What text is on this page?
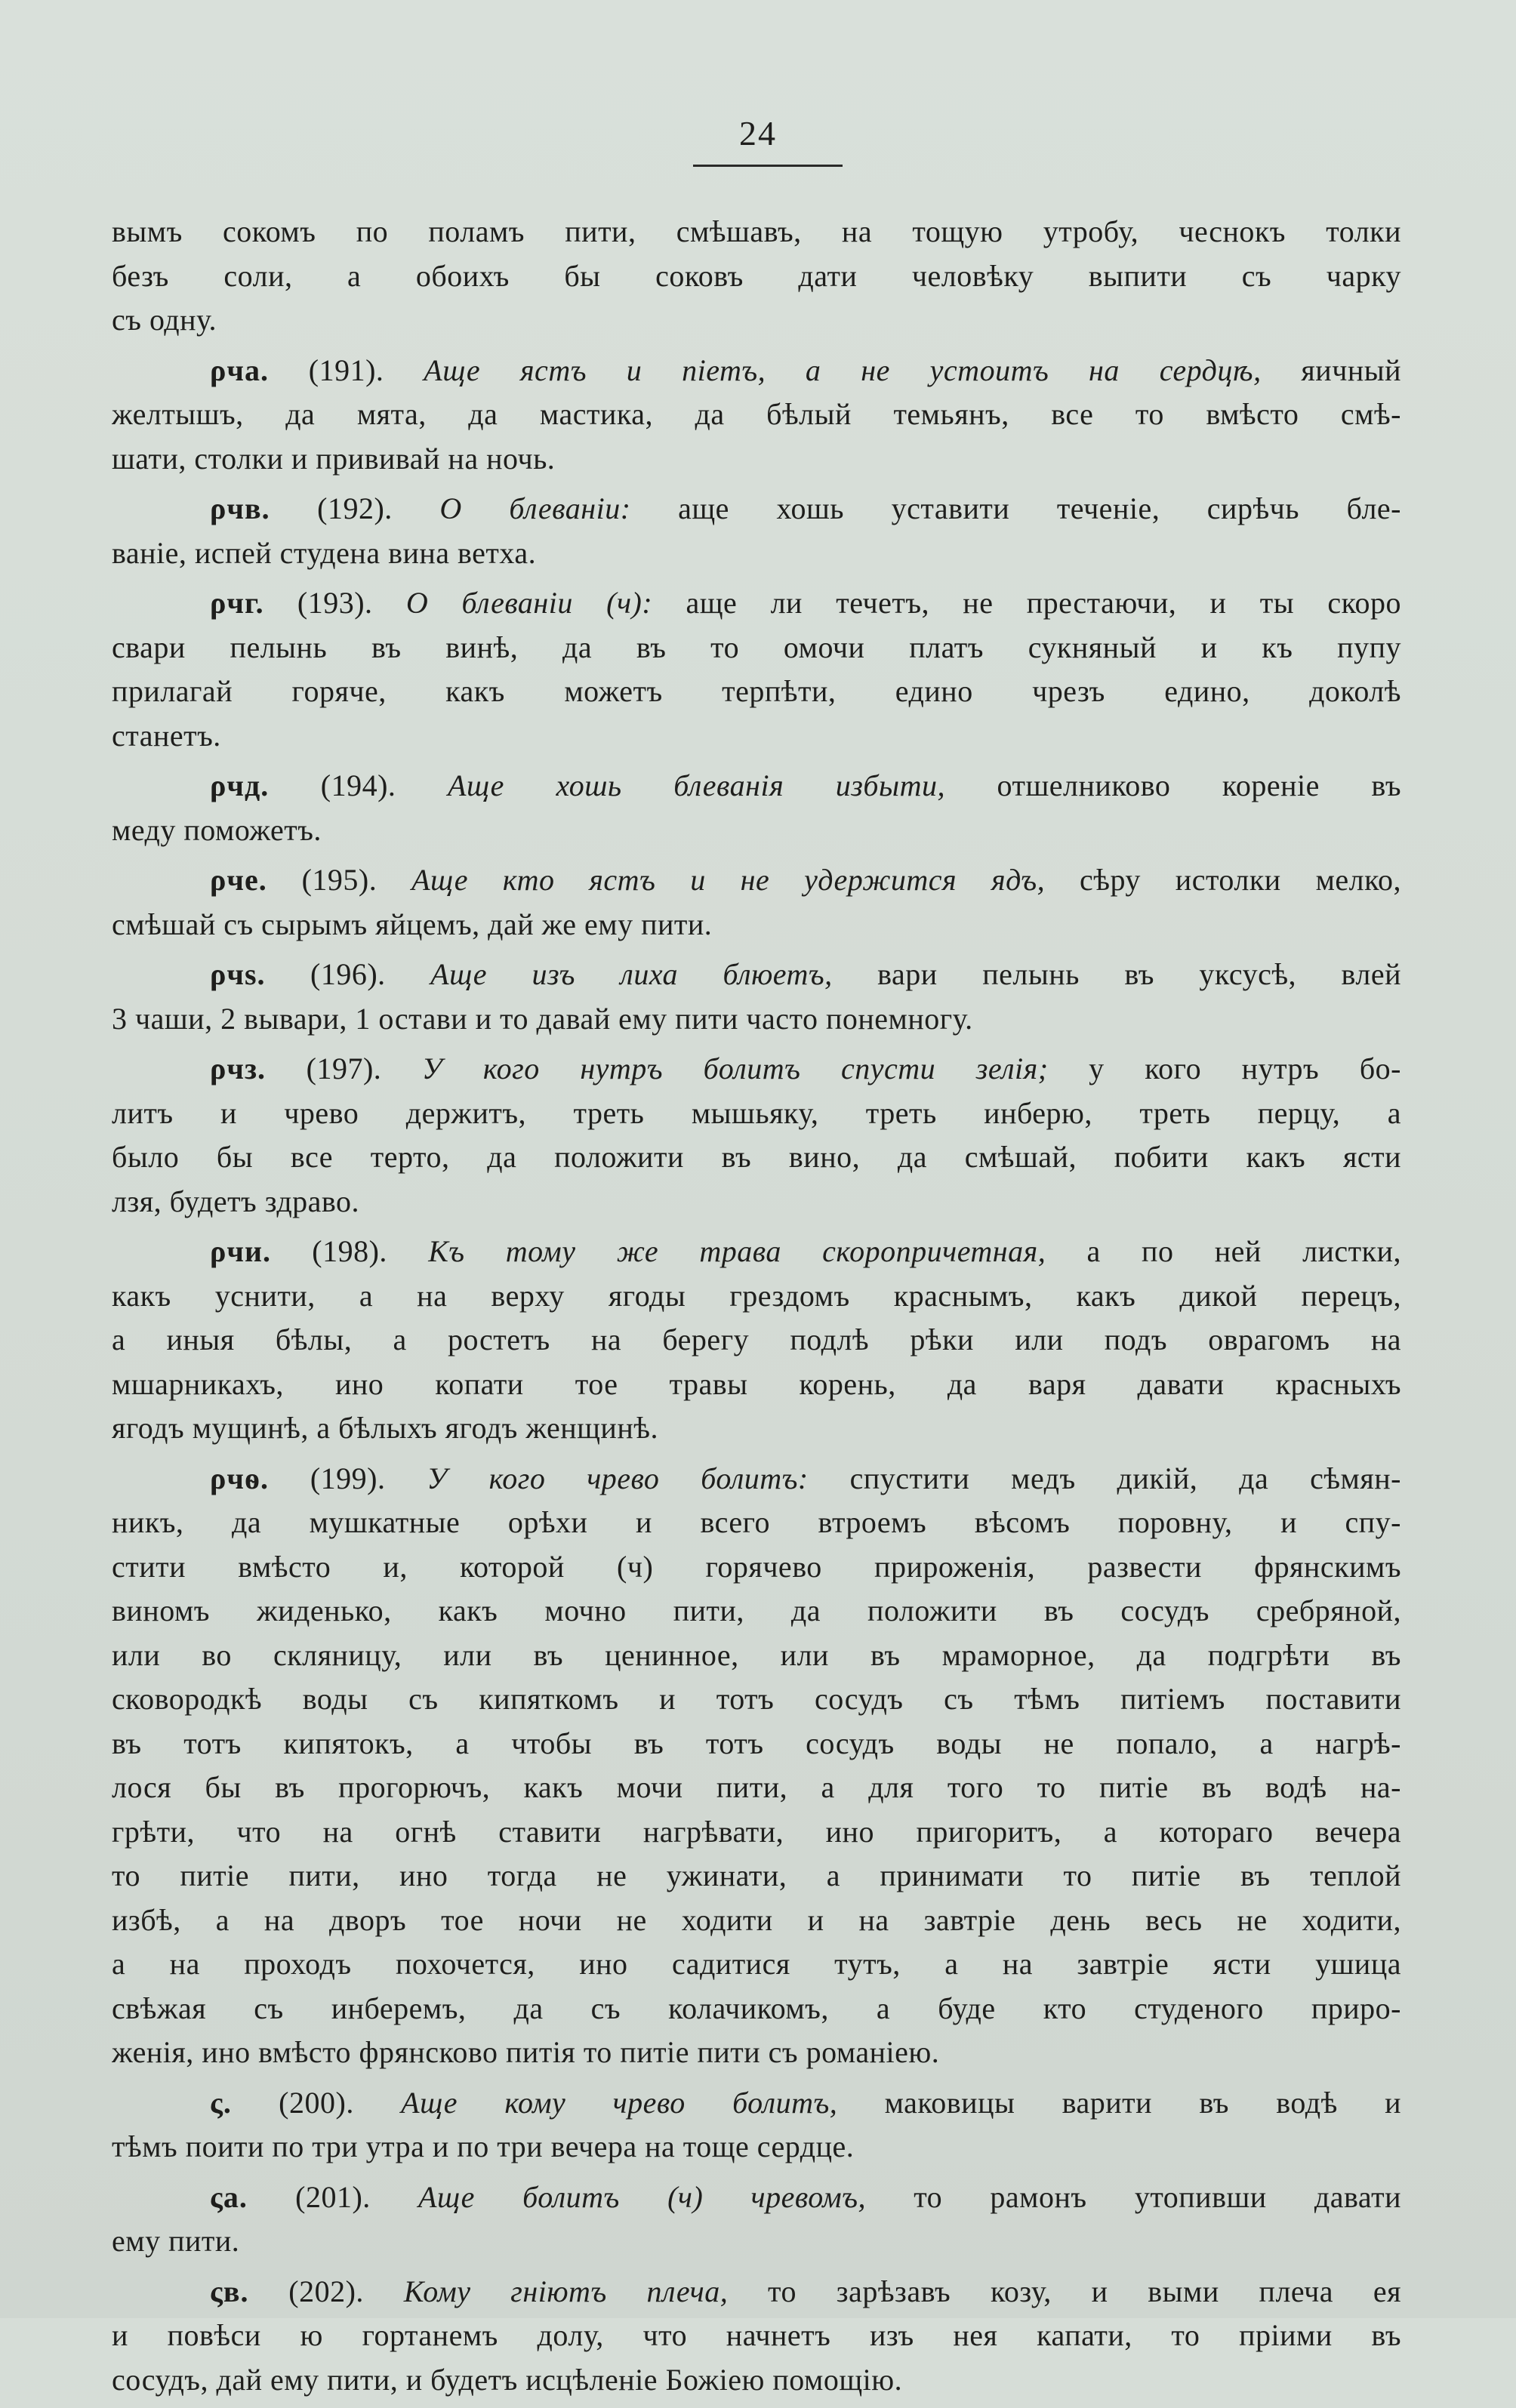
24
вымъ сокомъ по поламъ пити, смѣшавъ, на тощую утробу, чеснокъ толки
безъ соли, а обоихъ бы соковъ дати человѣку выпити съ чарку
съ одну.
ρча. (191). Аще ястъ и піетъ, а не устоитъ на сердцѣ, яичный
желтышъ, да мята, да мастика, да бѣлый темьянъ, все то вмѣсто смѣ-
шати, столки и прививай на ночь.
ρчв. (192). О блеваніи: аще хошь уставити теченіе, сирѣчь бле-
ваніе, испей студена вина ветха.
ρчг. (193). О блеваніи (ч): аще ли течетъ, не престаючи, и ты скоро
свари пелынь въ винѣ, да въ то омочи платъ сукняный и къ пупу
прилагай горяче, какъ можетъ терпѣти, едино чрезъ едино, доколѣ
станетъ.
ρчд. (194). Аще хошь блеванія избыти, отшелниково кореніе въ
меду поможетъ.
ρче. (195). Аще кто ястъ и не удержится ядъ, сѣру истолки мелко,
смѣшай съ сырымъ яйцемъ, дай же ему пити.
ρчѕ. (196). Аще изъ лиха блюетъ, вари пелынь въ уксусѣ, влей
3 чаши, 2 вывари, 1 остави и то давай ему пити часто понемногу.
ρчз. (197). У кого нутръ болитъ спусти зелія; у кого нутръ бо-
литъ и чрево держитъ, треть мышьяку, треть инберю, треть перцу, а
было бы все терто, да положити въ вино, да смѣшай, побити какъ ясти
лзя, будетъ здраво.
ρчи. (198). Къ тому же трава скоропричетная, а по ней листки,
какъ уснити, а на верху ягоды грездомъ краснымъ, какъ дикой перецъ,
а иныя бѣлы, а ростетъ на берегу подлѣ рѣки или подъ оврагомъ на
мшарникахъ, ино копати тое травы корень, да варя давати красныхъ
ягодъ мущинѣ, а бѣлыхъ ягодъ женщинѣ.
ρчѳ. (199). У кого чрево болитъ: спустити медъ дикій, да сѣмян-
никъ, да мушкатные орѣхи и всего втроемъ вѣсомъ поровну, и спу-
стити вмѣсто и, которой (ч) горячево прироженія, развести фрянскимъ
виномъ жиденько, какъ мочно пити, да положити въ сосудъ сребряной,
или во скляницу, или въ ценинное, или въ мраморное, да подгрѣти въ
сковородкѣ воды съ кипяткомъ и тотъ сосудъ съ тѣмъ питіемъ поставити
въ тотъ кипятокъ, а чтобы въ тотъ сосудъ воды не попало, а нагрѣ-
лося бы въ прогорючъ, какъ мочи пити, а для того то питіе въ водѣ на-
грѣти, что на огнѣ ставити нагрѣвати, ино пригоритъ, а котораго вечера
то питіе пити, ино тогда не ужинати, а принимати то питіе въ теплой
избѣ, а на дворъ тое ночи не ходити и на завтріе день весь не ходити,
а на проходъ похочется, ино садитися тутъ, а на завтріе ясти ушица
свѣжая съ инберемъ, да съ колачикомъ, а буде кто студеного приро-
женія, ино вмѣсто фрянсково питія то питіе пити съ романіею.
ς. (200). Аще кому чрево болитъ, маковицы варити въ водѣ и
тѣмъ поити по три утра и по три вечера на тоще сердце.
ςа. (201). Аще болитъ (ч) чревомъ, то рамонъ утопивши давати
ему пити.
ςв. (202). Кому гніютъ плеча, то зарѣзавъ козу, и выми плеча ея
и повѣси ю гортанемъ долу, что начнетъ изъ нея капати, то пріими въ
сосудъ, дай ему пити, и будетъ исцѣленіе Божіею помощію.
